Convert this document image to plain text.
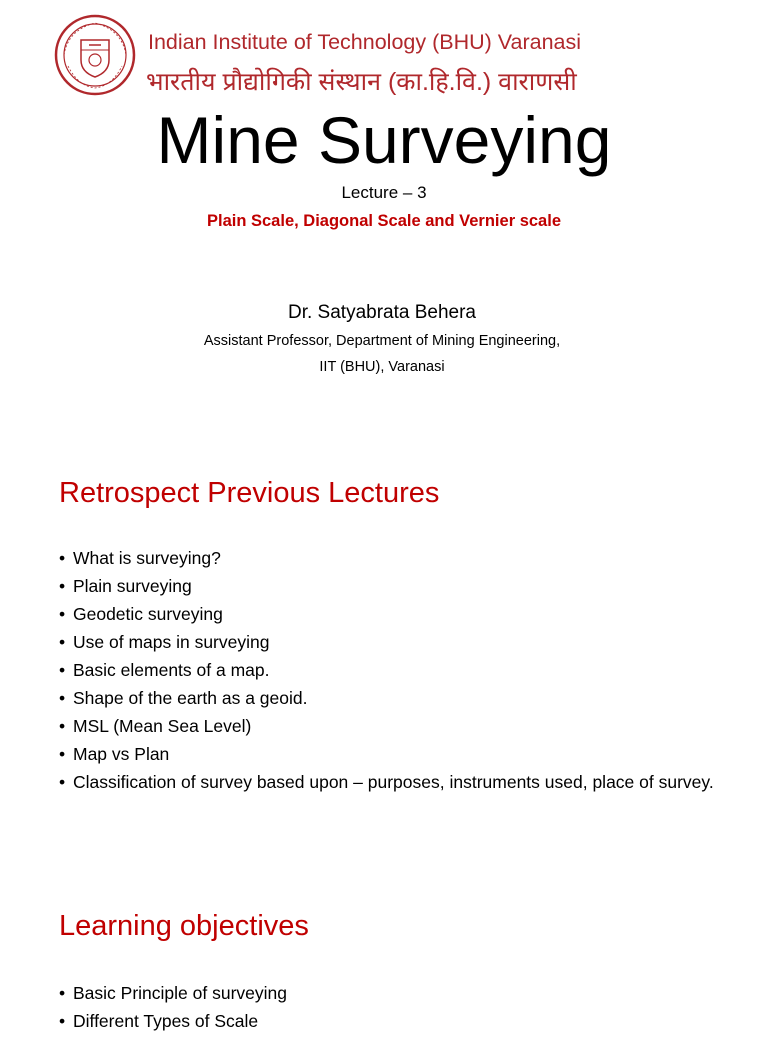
Indian Institute of Technology (BHU) Varanasi
भारतीय प्रौद्योगिकी संस्थान (का.हि.वि.) वाराणसी
Mine Surveying
Lecture – 3
Plain Scale, Diagonal Scale and Vernier scale
Dr. Satyabrata Behera
Assistant Professor, Department of Mining Engineering,
IIT (BHU), Varanasi
Retrospect Previous Lectures
• What is surveying?
• Plain surveying
• Geodetic surveying
• Use of maps in surveying
• Basic elements of a map.
• Shape of the earth as a geoid.
• MSL (Mean Sea Level)
• Map vs Plan
• Classification of survey based upon – purposes, instruments used, place of survey.
Learning objectives
• Basic Principle of surveying
• Different Types of Scale
